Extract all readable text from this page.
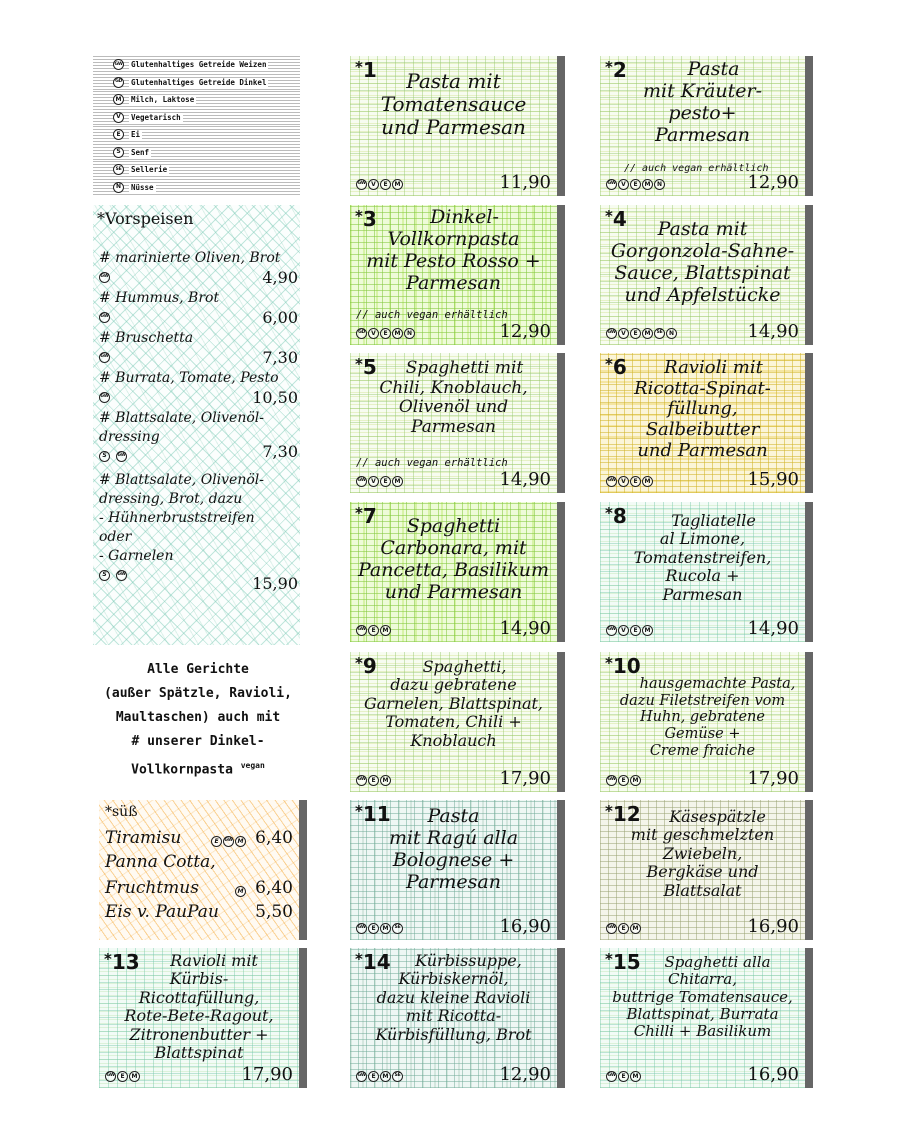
GW Glutenhaltiges Getreide Weizen
GD Glutenhaltiges Getreide Dinkel
M	Milch, Laktose
V	Vegetarisch
E	Ei
S	Senf
SE	Sellerie
N	Nüsse
*Vorspeisen
# marinierte Oliven, Brot
GW	4,90
# Hummus, Brot
GW	6,00
# Bruschetta
GW	7,30
# Burrata, Tomate, Pesto
GW	10,50
# Blattsalate, Olivenöl-
dressing
S GW	7,30
# Blattsalate, Olivenöl-
dressing, Brot, dazu
- Hühnerbruststreifen
oder
- Garnelen
S GW	15,90
Alle Gerichte
(außer Spätzle, Ravioli,
Maultaschen) auch mit
# unserer Dinkel-
Vollkornpasta $^{vegan}$
*süß
Tiramisu	E GW M 6,40
Panna Cotta,
Fruchtmus	M 6,40
Eis v. PauPau 5,50
*1	Pasta mit
Tomatensauce
und Parmesan
GW V	E	M	11,90
*2	Pasta
mit Kräuter-
pesto+
Parmesan
// auch vegan erhältlich
GW V	E	M	N	12,90
*3	Dinkel-
Vollkornpasta
mit Pesto Rosso +
Parmesan
// auch vegan erhältlich
GD	V	E	M	N	12,90
*4	Pasta mit
Gorgonzola-Sahne-
Sauce, Blattspinat
und Apfelstücke
GW V	E	M	SE	N	14,90
*5	Spaghetti mit
Chili, Knoblauch,
Olivenöl und
Parmesan
// auch vegan erhältlich
GW V	E	M	14,90
*6	Ravioli mit
Ricotta-Spinat-
füllung,
Salbeibutter
und Parmesan
GW V	E	M	15,90
*7	Spaghetti
Carbonara, mit
Pancetta, Basilikum
und Parmesan
GW E	M	14,90
*8	Tagliatelle
al Limone,
Tomatenstreifen,
Rucola +
Parmesan
GW V	E	M	14,90
*9	Spaghetti,
dazu gebratene
Garnelen, Blattspinat,
Tomaten, Chili +
Knoblauch
GW E	M	17,90
*10
hausgemachte Pasta,
dazu Filetstreifen vom
Huhn, gebratene
Gemüse +
Creme fraiche
GW E	M	17,90
*11	Pasta
mit Ragú alla
Bolognese +
Parmesan
GW E	M	SE	16,90
*12	Käsespätzle
mit geschmelzten
Zwiebeln,
Bergkäse und
Blattsalat
GW E	M	16,90
*13	Ravioli mit
Kürbis-
Ricottafüllung,
Rote-Bete-Ragout,
Zitronenbutter +
Blattspinat
GW E	M	17,90
*14	Kürbissuppe,
Kürbiskernöl,
dazu kleine Ravioli
mit Ricotta-
Kürbisfüllung, Brot
GW E	M	SE	12,90
*15	Spaghetti alla
Chitarra,
buttrige Tomatensauce,
Blattspinat, Burrata
Chilli + Basilikum
GW E	M	16,90
